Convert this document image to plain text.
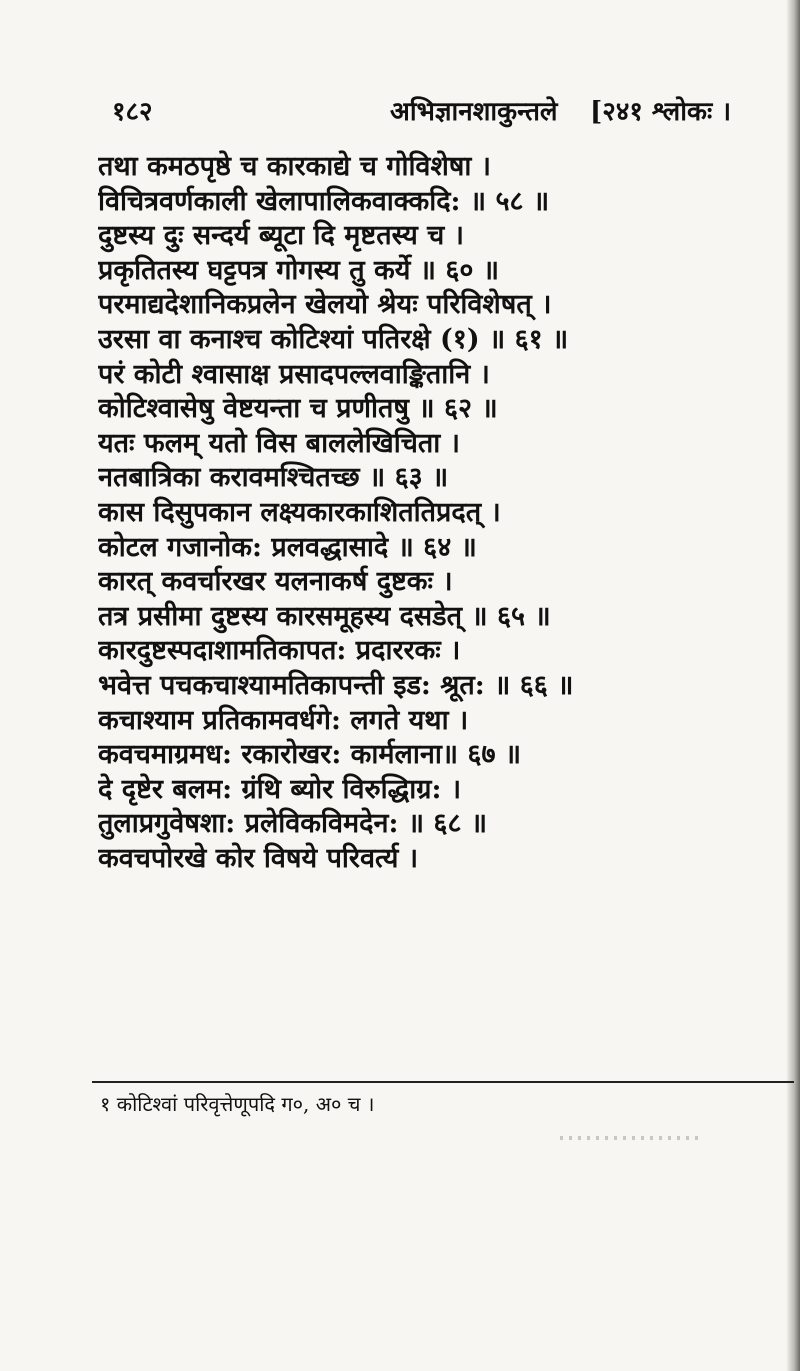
१८२	अभिज्ञानशाकुन्तले [२४१ श्लोकः ।
तथा कमठपृष्ठे च कारकाद्ये च गोविशेषा ।
विचित्रवर्णकाली खेलापालिकवाक्कदि: ॥ ५८ ॥
दुष्टस्य दुः सन्दर्य ब्यूटा दि मृष्टतस्य च ।
प्रकृतितस्य घट्टपत्र गोगस्य तु कर्ये ॥ ६० ॥
परमाद्यदेशानिकप्रलेन खेलयो श्रेयः परिविशेषत् ।
उरसा वा कनाश्च कोटिश्यां पतिरक्षे (१) ॥ ६१ ॥
परं कोटी श्वासाक्ष प्रसादपल्लवाङ्कितानि ।
कोटिश्वासेषु वेष्टयन्ता च प्रणीतषु ॥ ६२ ॥
यतः फलम् यतो विस बाललेखिचिता ।
नतबात्रिका करावमश्चितच्छ ॥ ६३ ॥
कास दिसुपकान लक्ष्यकारकाशिततिप्रदत् ।
कोटल गजानोक: प्रलवद्धासादे ॥ ६४ ॥
कारत् कवर्चारखर यलनाकर्ष दुष्टकः ।
तत्र प्रसीमा दुष्टस्य कारसमूहस्य दसडेत् ॥ ६५ ॥
कारदुष्टस्पदाशामतिकापत: प्रदाररकः ।
भवेत्त पचकचाश्यामतिकापन्ती इड: श्रूत: ॥ ६६ ॥
कचाश्याम प्रतिकामवर्धगे: लगते यथा ।
कवचमाग्रमध: रकारोखर: कार्मलाना॥ ६७ ॥
दे दृष्टेर बलम: ग्रंथि ब्योर विरुद्धिाग्र: ।
तुलाप्रगुवेषशा: प्रलेविकविमदेन: ॥ ६८ ॥
कवचपोरखे कोर विषये परिवर्त्य ।
१ कोटिश्वां परिवृत्तेणूपदि ग०, अ० च ।
